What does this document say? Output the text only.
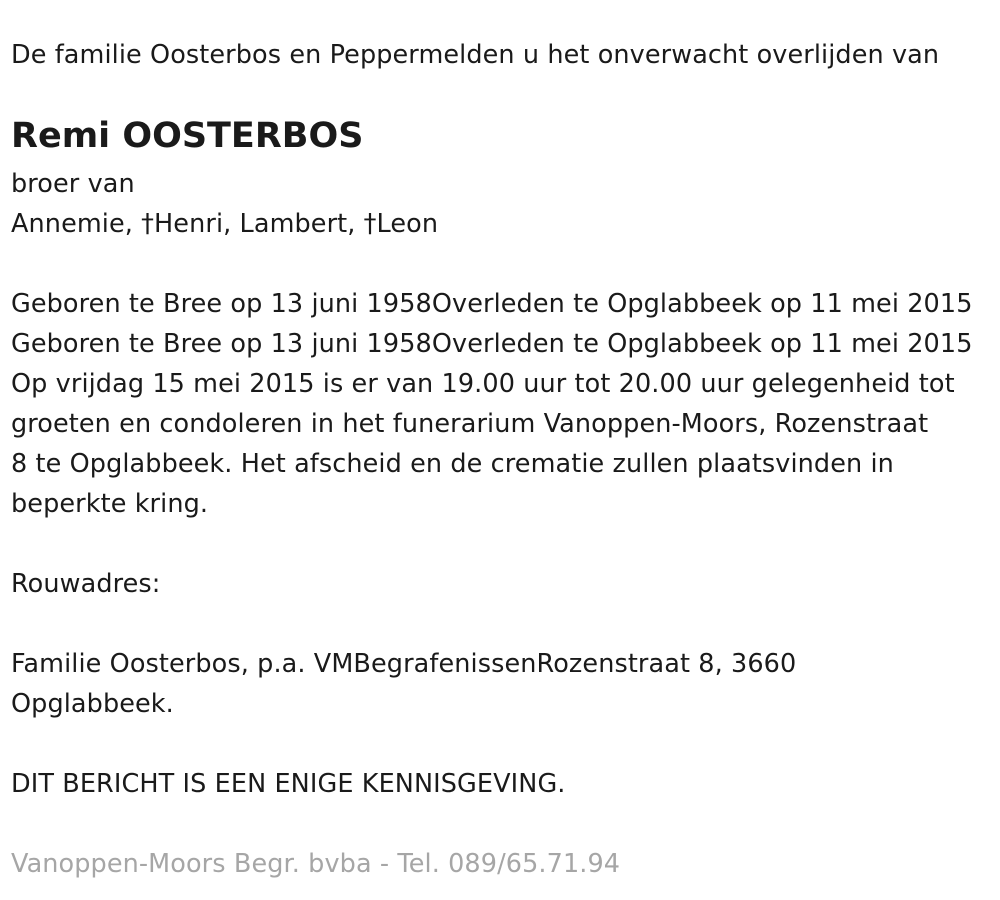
De familie Oosterbos en Peppermelden u het onverwacht overlijden van
Remi OOSTERBOS
broer van
Annemie, †Henri, Lambert, †Leon
Geboren te Bree op 13 juni 1958Overleden te Opglabbeek op 11 mei 2015
Geboren te Bree op 13 juni 1958Overleden te Opglabbeek op 11 mei 2015
Op vrijdag 15 mei 2015 is er van 19.00 uur tot 20.00 uur gelegenheid tot
groeten en condoleren in het funerarium Vanoppen-Moors, Rozenstraat
8 te Opglabbeek. Het afscheid en de crematie zullen plaatsvinden in
beperkte kring.
Rouwadres:
Familie Oosterbos, p.a. VMBegrafenissenRozenstraat 8, 3660
Opglabbeek.
DIT BERICHT IS EEN ENIGE KENNISGEVING.
Vanoppen-Moors Begr. bvba - Tel. 089/65.71.94
